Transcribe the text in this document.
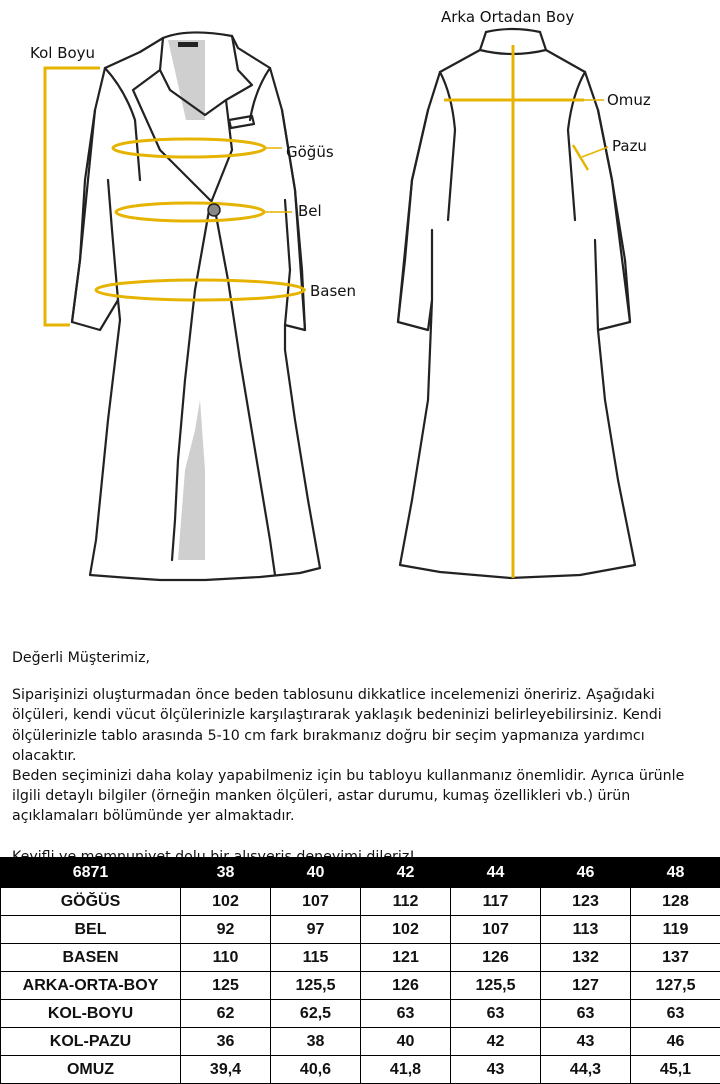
Kol Boyu
Göğüs
Bel
Basen
Arka Ortadan Boy
Omuz
Pazu

Değerli Müşterimiz,

Siparişinizi oluşturmadan önce beden tablosunu dikkatlice incelemenizi öneririz. Aşağıdaki ölçüleri, kendi vücut ölçülerinizle karşılaştırarak yaklaşık bedeninizi belirleyebilirsiniz. Kendi ölçülerinizle tablo arasında 5-10 cm fark bırakmanız doğru bir seçim yapmanıza yardımcı olacaktır.

Beden seçiminizi daha kolay yapabilmeniz için bu tabloyu kullanmanız önemlidir. Ayrıca ürünle ilgili detaylı bilgiler (örneğin manken ölçüleri, astar durumu, kumaş özellikleri vb.) ürün açıklamaları bölümünde yer almaktadır.

6871	38	40	42	44	46	48
GÖĞÜS	102	107	112	117	123	128
BEL	92	97	102	107	113	119
BASEN	110	115	121	126	132	137
ARKA-ORTA-BOY	125	125,5	126	125,5	127	127,5
KOL-BOYU	62	62,5	63	63	63	63
KOL-PAZU	36	38	40	42	43	46
OMUZ	39,4	40,6	41,8	43	44,3	45,1
